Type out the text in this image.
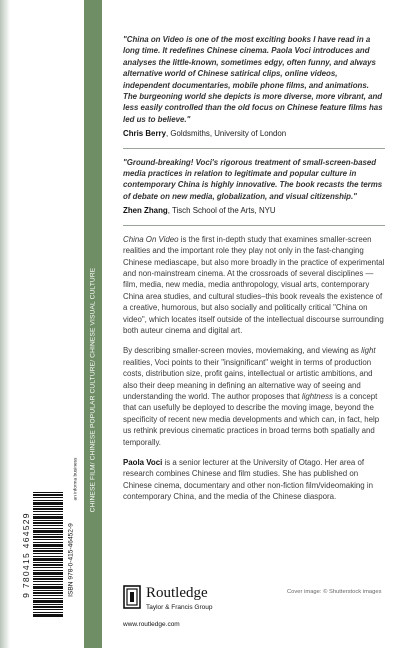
CHINESE FILM/ CHINESE POPULAR CULTURE/ CHINESE VISUAL CULTURE
an informa business
ISBN 978-0-415-46452-9
9 780415 464529

"China on Video is one of the most exciting books I have read in a long time. It redefines Chinese cinema. Paola Voci introduces and analyses the little-known, sometimes edgy, often funny, and always alternative world of Chinese satirical clips, online videos, independent documentaries, mobile phone films, and animations. The burgeoning world she depicts is more diverse, more vibrant, and less easily controlled than the old focus on Chinese feature films has led us to believe."

Chris Berry, Goldsmiths, University of London

"Ground-breaking! Voci's rigorous treatment of small-screen-based media practices in relation to legitimate and popular culture in contemporary China is highly innovative. The book recasts the terms of debate on new media, globalization, and visual citizenship."

Zhen Zhang, Tisch School of the Arts, NYU

China On Video is the first in-depth study that examines smaller-screen realities and the important role they play not only in the fast-changing Chinese mediascape, but also more broadly in the practice of experimental and non-mainstream cinema. At the crossroads of several disciplines — film, media, new media, media anthropology, visual arts, contemporary China area studies, and cultural studies–this book reveals the existence of a creative, humorous, but also socially and politically critical "China on video", which locates itself outside of the intellectual discourse surrounding both auteur cinema and digital art.

By describing smaller-screen movies, moviemaking, and viewing as light realities, Voci points to their "insignificant" weight in terms of production costs, distribution size, profit gains, intellectual or artistic ambitions, and also their deep meaning in defining an alternative way of seeing and understanding the world. The author proposes that lightness is a concept that can usefully be deployed to describe the moving image, beyond the specificity of recent new media developments and which can, in fact, help us rethink previous cinematic practices in broad terms both spatially and temporally.

Paola Voci is a senior lecturer at the University of Otago. Her area of research combines Chinese and film studies. She has published on Chinese cinema, documentary and other non-fiction film/videomaking in contemporary China, and the media of the Chinese diaspora.

Routledge
Taylor & Francis Group
Cover image: © Shutterstock images
www.routledge.com
